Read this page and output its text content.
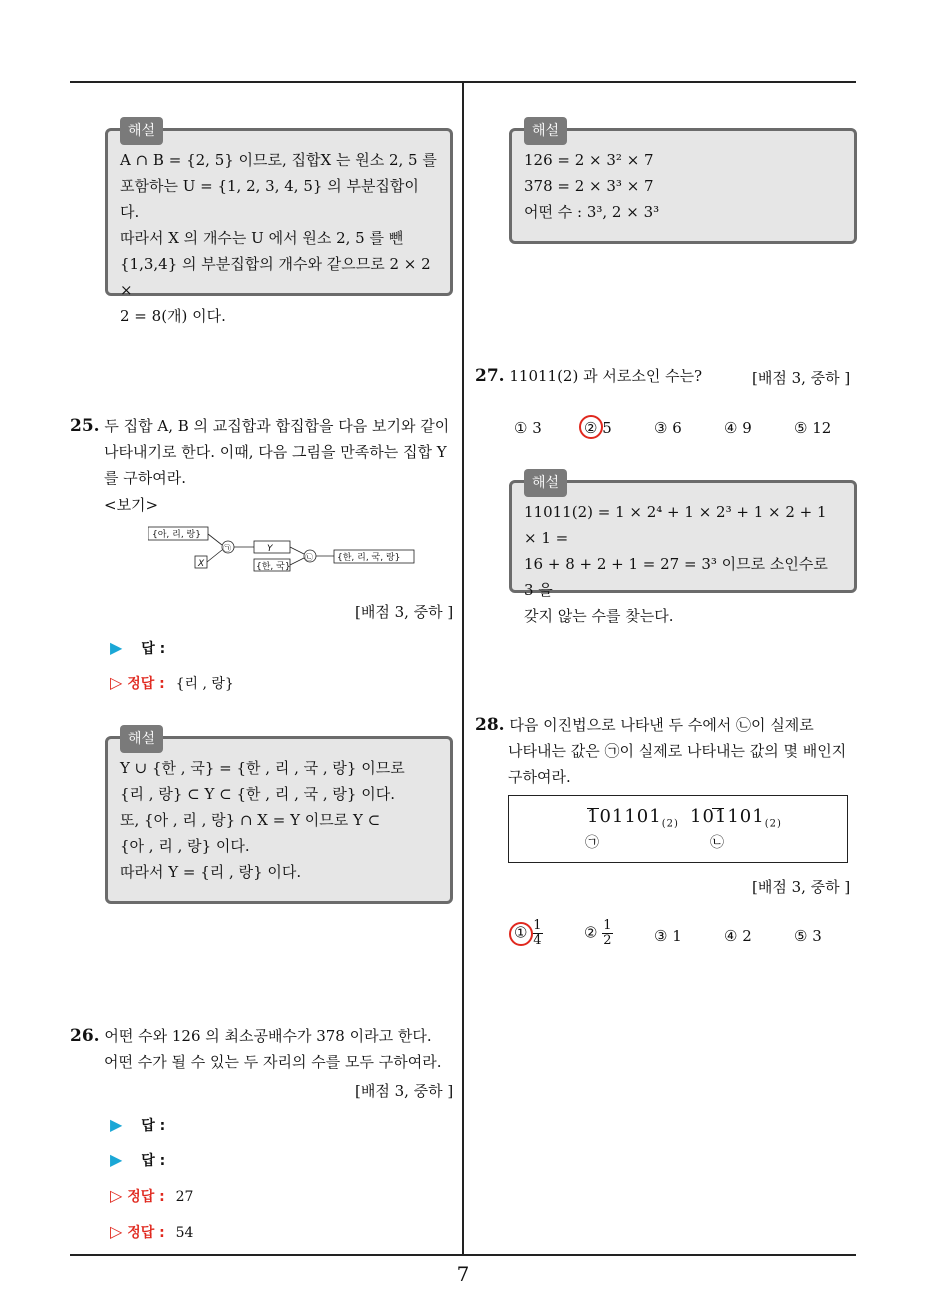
해설

A ∩ B = {2, 5} 이므로, 집합X 는 원소 2, 5 를

포함하는 U = {1, 2, 3, 4, 5} 의 부분집합이다.

따라서 X 의 개수는 U 에서 원소 2, 5 를 뺀

{1,3,4} 의 부분집합의 개수와 같으므로 2 × 2 ×

2 = 8(개) 이다.

25. 두 집합 A, B 의 교집합과 합집합을 다음 보기와 같이
나타내기로 한다. 이때, 다음 그림을 만족하는 집합 Y
를 구하여라.
<보기>
{아, 리, 랑}
X
㉠	Y
{한, 국}
㉡	{한, 리, 국, 랑}
[배점 3, 중하 ]
▶ 답 :
▷ 정답 : {리 , 랑}
해설

Y ∪ {한 , 국} = {한 , 리 , 국 , 랑} 이므로

{리 , 랑} ⊂ Y ⊂ {한 , 리 , 국 , 랑} 이다.

또, {아 , 리 , 랑} ∩ X = Y 이므로 Y ⊂

{아 , 리 , 랑} 이다.

따라서 Y = {리 , 랑} 이다.

26. 어떤 수와 126 의 최소공배수가 378 이라고 한다.
어떤 수가 될 수 있는 두 자리의 수를 모두 구하여라.
[배점 3, 중하 ]
▶ 답 :
▶ 답 :
▷ 정답 : 27
▷ 정답 : 54
해설

126 = 2 × 3² × 7

378 = 2 × 3³ × 7

어떤 수 : 3³, 2 × 3³

27. 11011(2) 과 서로소인 수는?	[배점 3, 중하 ]
① 3	② 5	③ 6	④ 9	⑤ 12
해설

11011(2) = 1 × 2⁴ + 1 × 2³ + 1 × 2 + 1 × 1 =

16 + 8 + 2 + 1 = 27 = 3³ 이므로 소인수로 3 을

갖지 않는 수를 찾는다.

28. 다음 이진법으로 나타낸 두 수에서 ㉡이 실제로
나타내는 값은 ㉠이 실제로 나타내는 값의 몇 배인지
구하여라.
$101101_{(2)}$
㉠
$101101_{(2)}$
㉡
[배점 3, 중하 ]
① $\frac{1}{4}$	② $\frac{1}{2}$	③ 1	④ 2	⑤ 3
7
